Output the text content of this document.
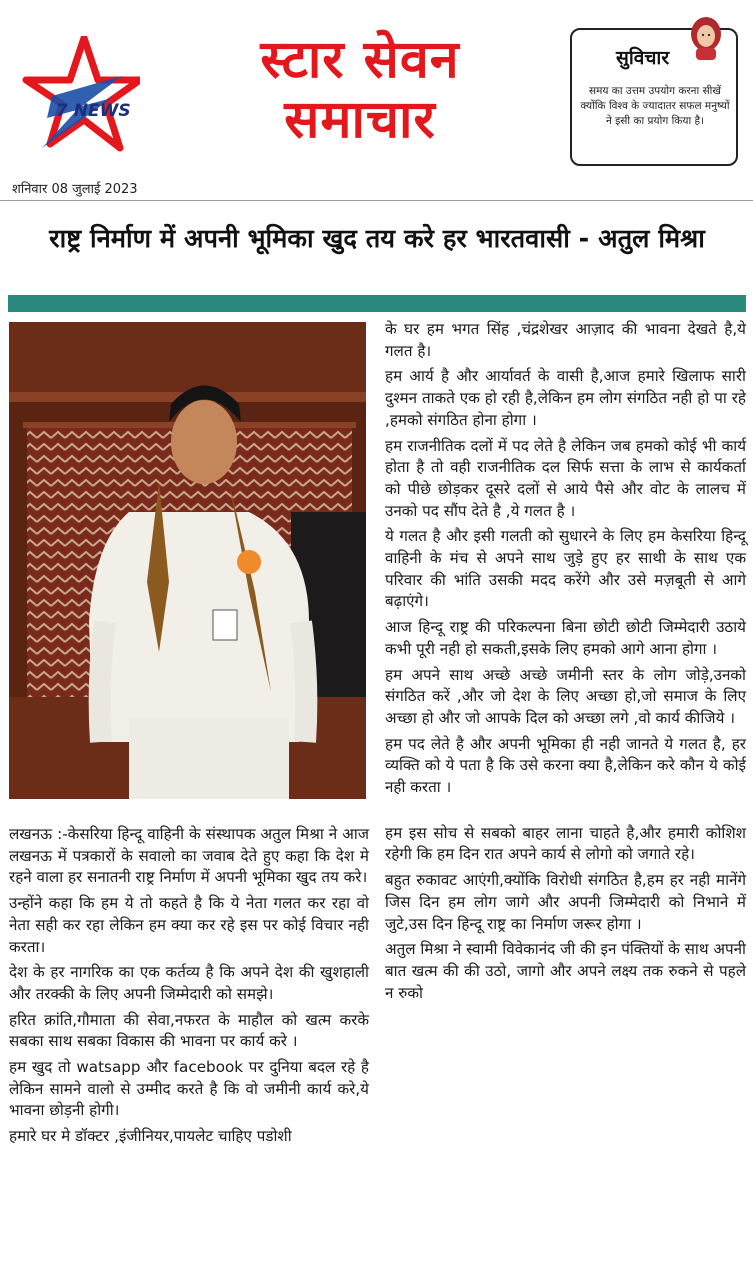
7 NEWS
स्टार सेवन
समाचार
सुविचार
समय का उत्तम उपयोग करना सीखें क्योंकि विश्व के ज्यादातर सफल मनुष्यों ने इसी का प्रयोग किया है।
शनिवार 08 जुलाई 2023
राष्ट्र निर्माण में अपनी भूमिका खुद तय करे हर भारतवासी - अतुल मिश्रा

लखनऊ :-केसरिया हिन्दू वाहिनी के संस्थापक अतुल मिश्रा ने आज लखनऊ में पत्रकारों के सवालो का जवाब देते हुए कहा कि देश मे रहने वाला हर सनातनी राष्ट्र निर्माण में अपनी भूमिका खुद तय करे।

उन्होंने कहा कि हम ये तो कहते है कि ये नेता गलत कर रहा वो नेता सही कर रहा लेकिन हम क्या कर रहे इस पर कोई विचार नही करता।

देश के हर नागरिक का एक कर्तव्य है कि अपने देश की खुशहाली और तरक्की के लिए अपनी जिम्मेदारी को समझे।

हरित क्रांति,गौमाता की सेवा,नफरत के माहौल को खत्म करके सबका साथ सबका विकास की भावना पर कार्य करे ।

हम खुद तो watsapp और facebook पर दुनिया बदल रहे है लेकिन सामने वालो से उम्मीद करते है कि वो जमीनी कार्य करे,ये भावना छोड़नी होगी।

हमारे घर मे डॉक्टर ,इंजीनियर,पायलेट चाहिए पडोशी

के घर हम भगत सिंह ,चंद्रशेखर आज़ाद की भावना देखते है,ये गलत है।

हम आर्य है और आर्यावर्त के वासी है,आज हमारे खिलाफ सारी दुश्मन ताकते एक हो रही है,लेकिन हम लोग संगठित नही हो पा रहे ,हमको संगठित होना होगा ।

हम राजनीतिक दलों में पद लेते है लेकिन जब हमको कोई भी कार्य होता है तो वही राजनीतिक दल सिर्फ सत्ता के लाभ से कार्यकर्ता को पीछे छोड़कर दूसरे दलों से आये पैसे और वोट के लालच में उनको पद सौंप देते है ,ये गलत है ।

ये गलत है और इसी गलती को सुधारने के लिए हम केसरिया हिन्दू वाहिनी के मंच से अपने साथ जुड़े हुए हर साथी के साथ एक परिवार की भांति उसकी मदद करेंगे और उसे मज़बूती से आगे बढ़ाएंगे।

आज हिन्दू राष्ट्र की परिकल्पना बिना छोटी छोटी जिम्मेदारी उठाये कभी पूरी नही हो सकती,इसके लिए हमको आगे आना होगा ।

हम अपने साथ अच्छे अच्छे जमीनी स्तर के लोग जोड़े,उनको संगठित करें ,और जो देश के लिए अच्छा हो,जो समाज के लिए अच्छा हो और जो आपके दिल को अच्छा लगे ,वो कार्य कीजिये ।

हम पद लेते है और अपनी भूमिका ही नही जानते ये गलत है, हर व्यक्ति को ये पता है कि उसे करना क्या है,लेकिन करे कौन ये कोई नही करता ।

हम इस सोच से सबको बाहर लाना चाहते है,और हमारी कोशिश रहेगी कि हम दिन रात अपने कार्य से लोगो को जगाते रहे।

बहुत रुकावट आएंगी,क्योंकि विरोधी संगठित है,हम हर नही मानेंगे जिस दिन हम लोग जागे और अपनी जिम्मेदारी को निभाने में जुटे,उस दिन हिन्दू राष्ट्र का निर्माण जरूर होगा ।

अतुल मिश्रा ने स्वामी विवेकानंद जी की इन पंक्तियों के साथ अपनी बात खत्म की की उठो, जागो और अपने लक्ष्य तक रुकने से पहले न रुको
